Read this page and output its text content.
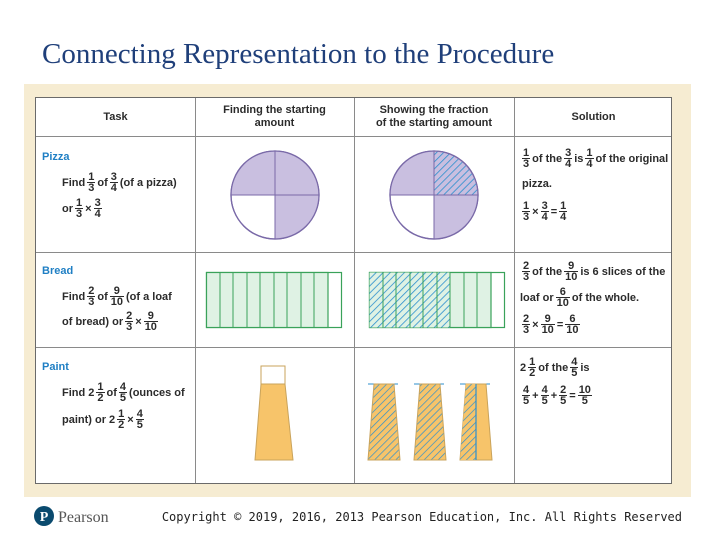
Connecting Representation to the Procedure
Task
Finding the starting
amount
Showing the fraction
of the starting amount
Solution
Pizza
Find $\frac{1}{3}$ of $\frac{3}{4} (of$ a pizza)
or $\frac{1}{3} \times \frac{3}{4}$
$\frac{1}{3}$ of the $\frac{3}{4}$ is $\frac{1}{4}$ of the original
pizza.
$\frac{1}{3} \times \frac{3}{4} = \frac{1}{4}$
Bread
Find $\frac{2}{3}$ of $\frac{9}{10} (of$ a loaf
of bread) or $\frac{2}{3} \times \frac{9}{10}$
$\frac{2}{3}$ of the $\frac{9}{10}$ is 6 slices of the
loaf or $\frac{6}{10}$ of the whole.
$\frac{2}{3} \times \frac{9}{10} = \frac{6}{10}$
Paint
Find $2 \frac{1}{2}$ of $\frac{4}{5}$ (ounces of
paint) or $2 \frac{1}{2} \times \frac{4}{5}$
$2 \frac{1}{2}$ of the $\frac{4}{5}$ is
$\frac{4}{5} + \frac{4}{5} + \frac{2}{5} = \frac{10}{5}$
P Pearson	Copyright © 2019, 2016, 2013 Pearson Education, Inc. All Rights Reserved
